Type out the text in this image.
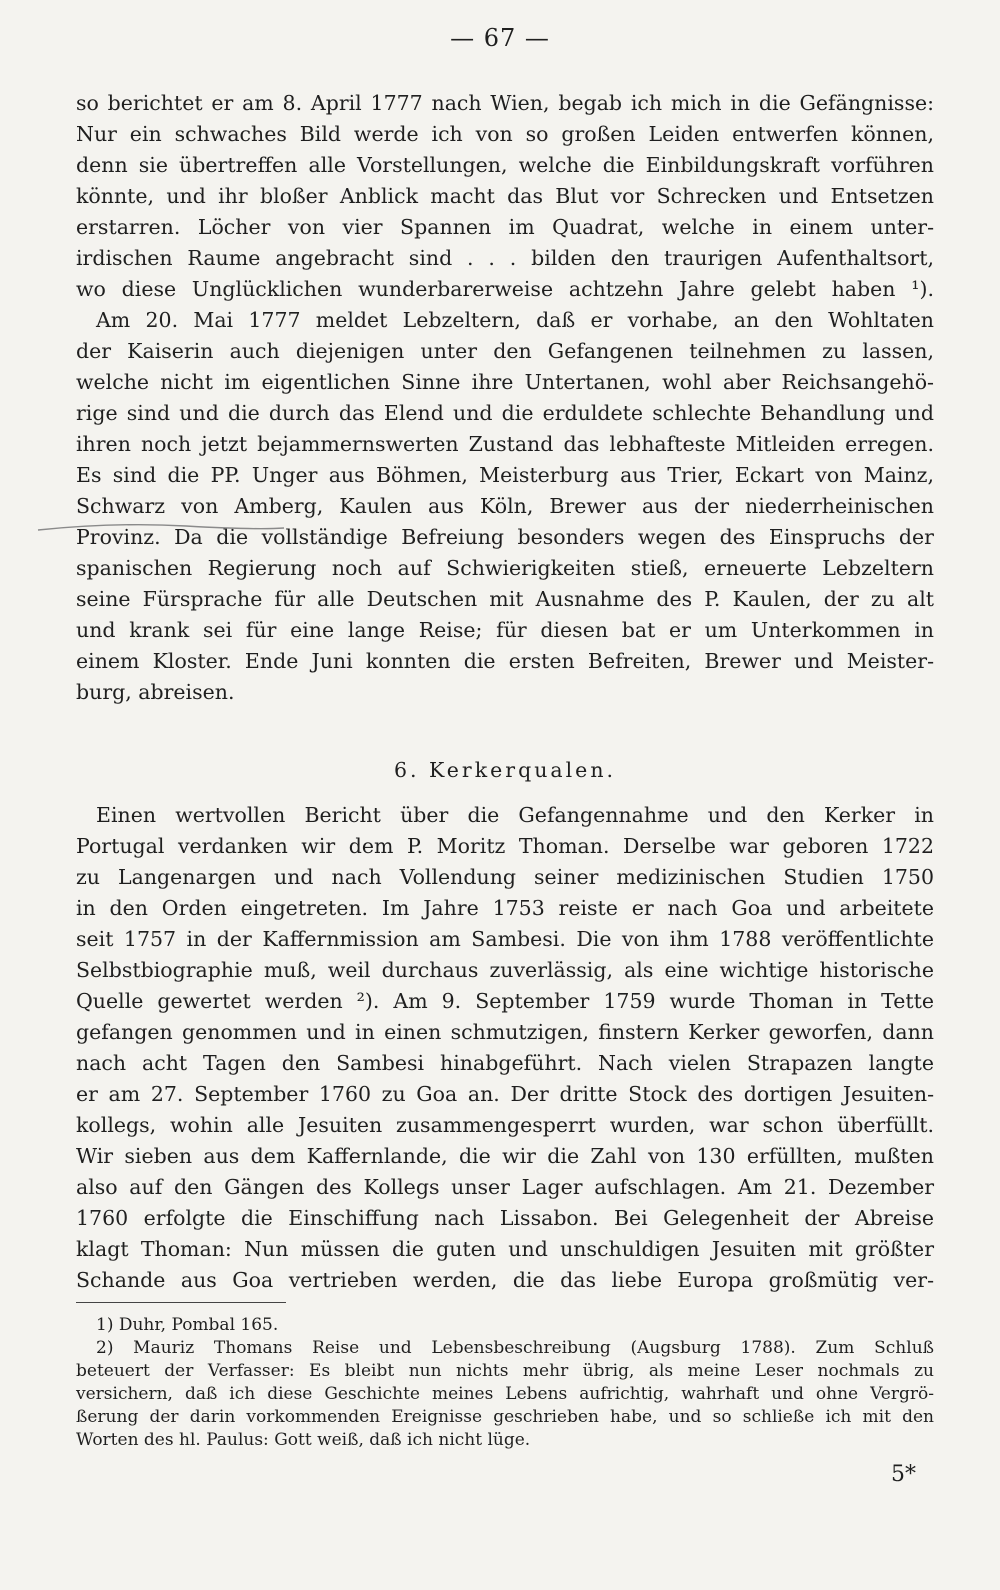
— 67 —
so berichtet er am 8. April 1777 nach Wien, begab ich mich in die Gefängnisse:
Nur ein schwaches Bild werde ich von so großen Leiden entwerfen können,
denn sie übertreffen alle Vorstellungen, welche die Einbildungskraft vorführen
könnte, und ihr bloßer Anblick macht das Blut vor Schrecken und Entsetzen
erstarren. Löcher von vier Spannen im Quadrat, welche in einem unter-
irdischen Raume angebracht sind . . . bilden den traurigen Aufenthaltsort,
wo diese Unglücklichen wunderbarerweise achtzehn Jahre gelebt haben ¹).
Am 20. Mai 1777 meldet Lebzeltern, daß er vorhabe, an den Wohltaten
der Kaiserin auch diejenigen unter den Gefangenen teilnehmen zu lassen,
welche nicht im eigentlichen Sinne ihre Untertanen, wohl aber Reichsangehö-
rige sind und die durch das Elend und die erduldete schlechte Behandlung und
ihren noch jetzt bejammernswerten Zustand das lebhafteste Mitleiden erregen.
Es sind die PP. Unger aus Böhmen, Meisterburg aus Trier, Eckart von Mainz,
Schwarz von Amberg, Kaulen aus Köln, Brewer aus der niederrheinischen
Provinz. Da die vollständige Befreiung besonders wegen des Einspruchs der
spanischen Regierung noch auf Schwierigkeiten stieß, erneuerte Lebzeltern
seine Fürsprache für alle Deutschen mit Ausnahme des P. Kaulen, der zu alt
und krank sei für eine lange Reise; für diesen bat er um Unterkommen in
einem Kloster. Ende Juni konnten die ersten Befreiten, Brewer und Meister-
burg, abreisen.
6. Kerkerqualen.
Einen wertvollen Bericht über die Gefangennahme und den Kerker in
Portugal verdanken wir dem P. Moritz Thoman. Derselbe war geboren 1722
zu Langenargen und nach Vollendung seiner medizinischen Studien 1750
in den Orden eingetreten. Im Jahre 1753 reiste er nach Goa und arbeitete
seit 1757 in der Kaffernmission am Sambesi. Die von ihm 1788 veröffentlichte
Selbstbiographie muß, weil durchaus zuverlässig, als eine wichtige historische
Quelle gewertet werden ²). Am 9. September 1759 wurde Thoman in Tette
gefangen genommen und in einen schmutzigen, finstern Kerker geworfen, dann
nach acht Tagen den Sambesi hinabgeführt. Nach vielen Strapazen langte
er am 27. September 1760 zu Goa an. Der dritte Stock des dortigen Jesuiten-
kollegs, wohin alle Jesuiten zusammengesperrt wurden, war schon überfüllt.
Wir sieben aus dem Kaffernlande, die wir die Zahl von 130 erfüllten, mußten
also auf den Gängen des Kollegs unser Lager aufschlagen. Am 21. Dezember
1760 erfolgte die Einschiffung nach Lissabon. Bei Gelegenheit der Abreise
klagt Thoman: Nun müssen die guten und unschuldigen Jesuiten mit größter
Schande aus Goa vertrieben werden, die das liebe Europa großmütig ver-
1) Duhr, Pombal 165.
2) Mauriz Thomans Reise und Lebensbeschreibung (Augsburg 1788). Zum Schluß
beteuert der Verfasser: Es bleibt nun nichts mehr übrig, als meine Leser nochmals zu
versichern, daß ich diese Geschichte meines Lebens aufrichtig, wahrhaft und ohne Vergrö-
ßerung der darin vorkommenden Ereignisse geschrieben habe, und so schließe ich mit den
Worten des hl. Paulus: Gott weiß, daß ich nicht lüge.
5*
